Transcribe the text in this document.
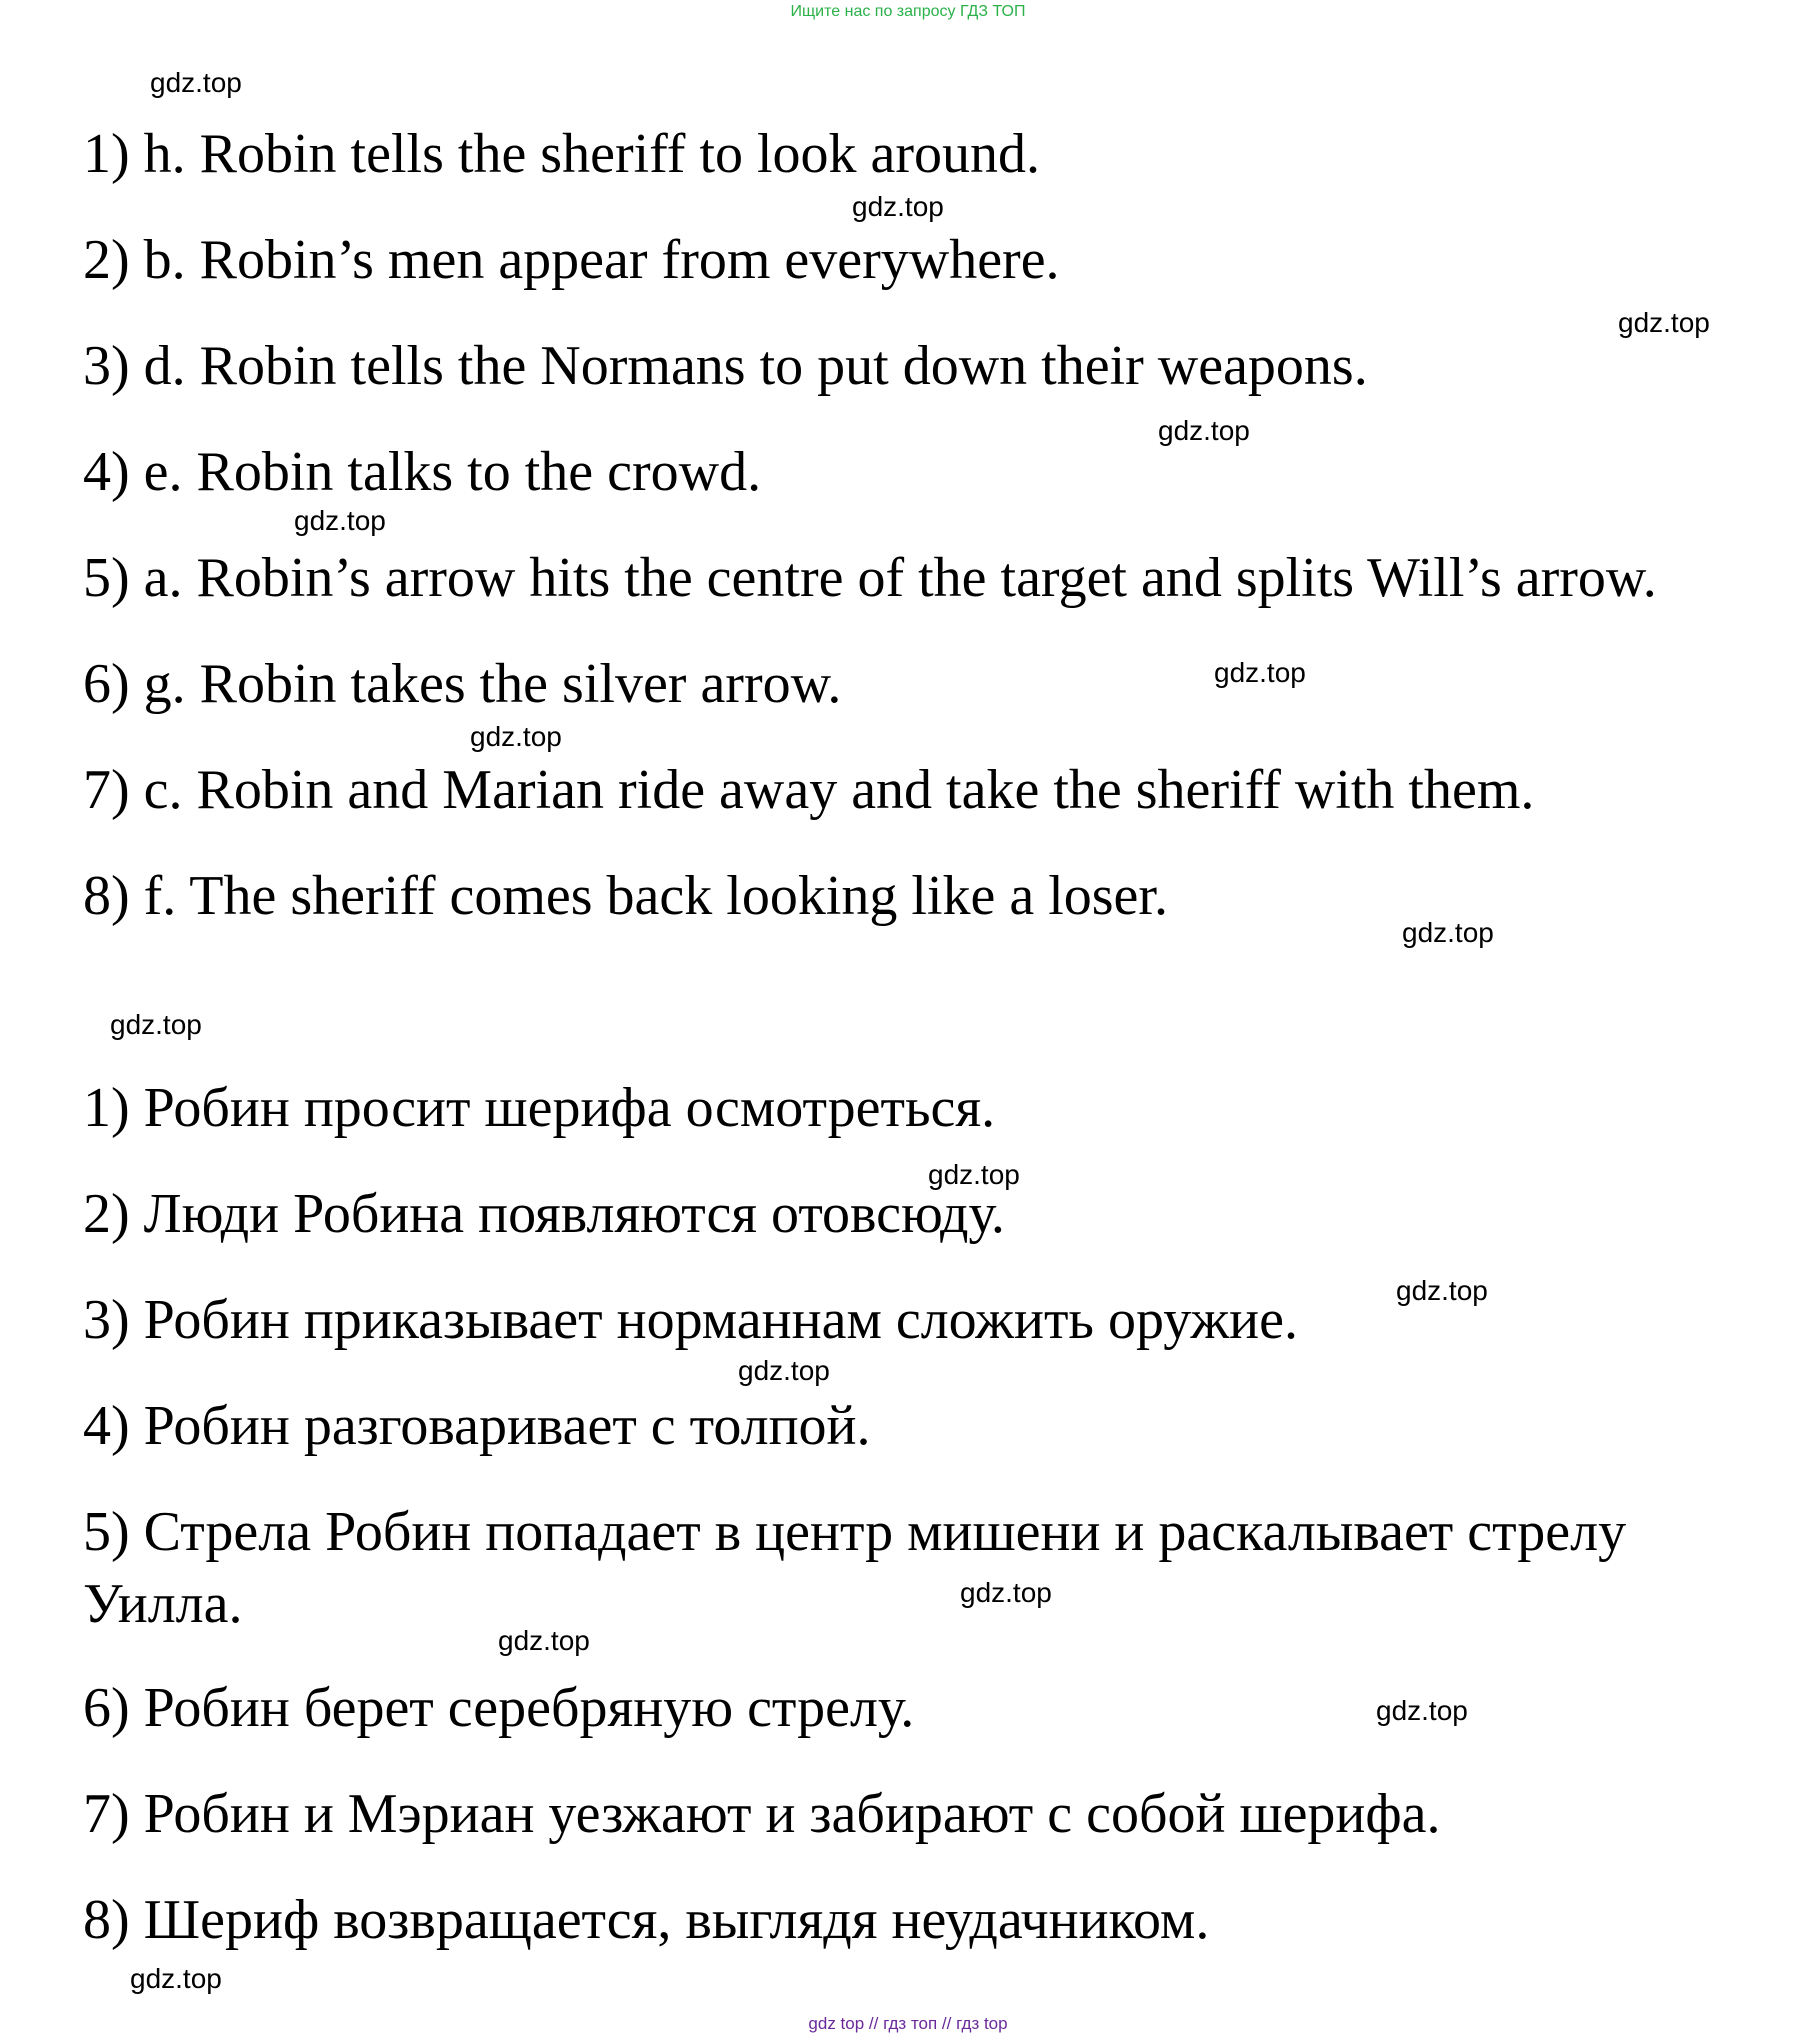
Ищите нас по запросу ГДЗ ТОП

1) h. Robin tells the sheriff to look around.

2) b. Robin’s men appear from everywhere.

3) d. Robin tells the Normans to put down their weapons.

4) e. Robin talks to the crowd.

5) a. Robin’s arrow hits the centre of the target and splits Will’s arrow.

6) g. Robin takes the silver arrow.

7) c. Robin and Marian ride away and take the sheriff with them.

8) f. The sheriff comes back looking like a loser.

1) Робин просит шерифа осмотреться.

2) Люди Робина появляются отовсюду.

3) Робин приказывает норманнам сложить оружие.

4) Робин разговаривает с толпой.

5) Стрела Робин попадает в центр мишени и раскалывает стрелу Уилла.

6) Робин берет серебряную стрелу.

7) Робин и Мэриан уезжают и забирают с собой шерифа.

8) Шериф возвращается, выглядя неудачником.

gdz.top
gdz.top
gdz.top
gdz.top
gdz.top
gdz.top
gdz.top
gdz.top
gdz.top
gdz.top
gdz.top
gdz.top
gdz.top
gdz.top
gdz.top
gdz.top
gdz top // гдз топ // гдз top
